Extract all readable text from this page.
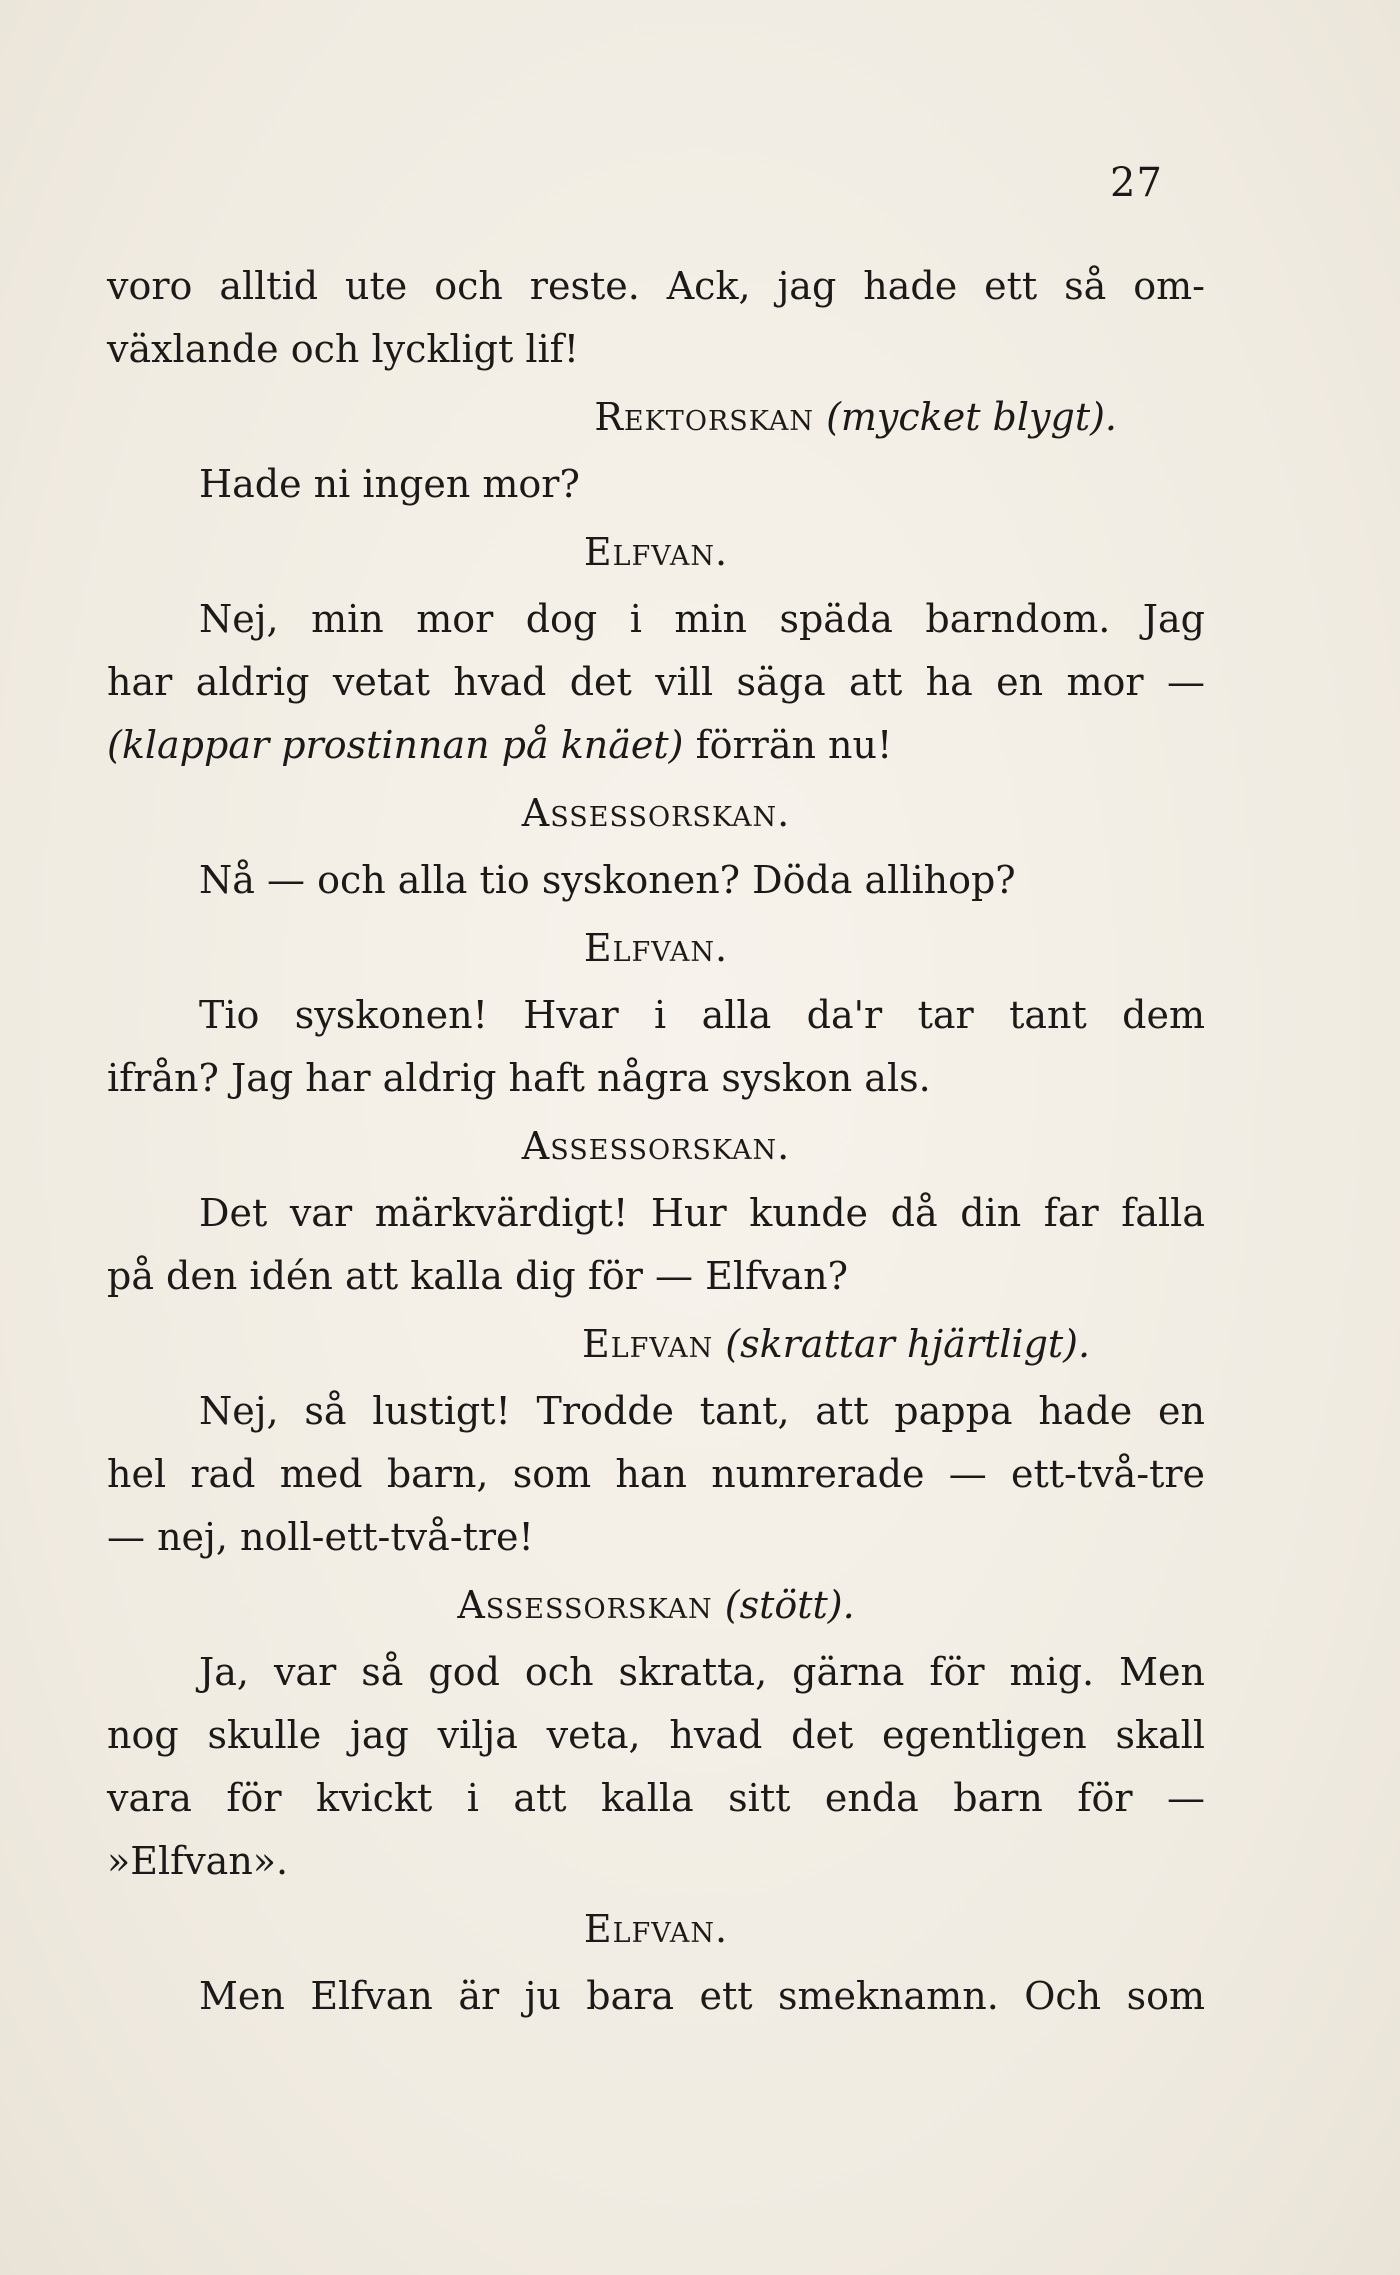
27
voro alltid ute och reste. Ack, jag hade ett så om-
växlande och lyckligt lif!
Rektorskan (mycket blygt).
Hade ni ingen mor?
Elfvan.
Nej, min mor dog i min späda barndom. Jag
har aldrig vetat hvad det vill säga att ha en mor —
(klappar prostinnan på knäet) förrän nu!
Assessorskan.
Nå — och alla tio syskonen? Döda allihop?
Elfvan.
Tio syskonen! Hvar i alla da'r tar tant dem
ifrån? Jag har aldrig haft några syskon als.
Assessorskan.
Det var märkvärdigt! Hur kunde då din far falla
på den idén att kalla dig för — Elfvan?
Elfvan (skrattar hjärtligt).
Nej, så lustigt! Trodde tant, att pappa hade en
hel rad med barn, som han numrerade — ett-två-tre
— nej, noll-ett-två-tre!
Assessorskan (stött).
Ja, var så god och skratta, gärna för mig. Men
nog skulle jag vilja veta, hvad det egentligen skall
vara för kvickt i att kalla sitt enda barn för —
»Elfvan».
Elfvan.
Men Elfvan är ju bara ett smeknamn. Och som
